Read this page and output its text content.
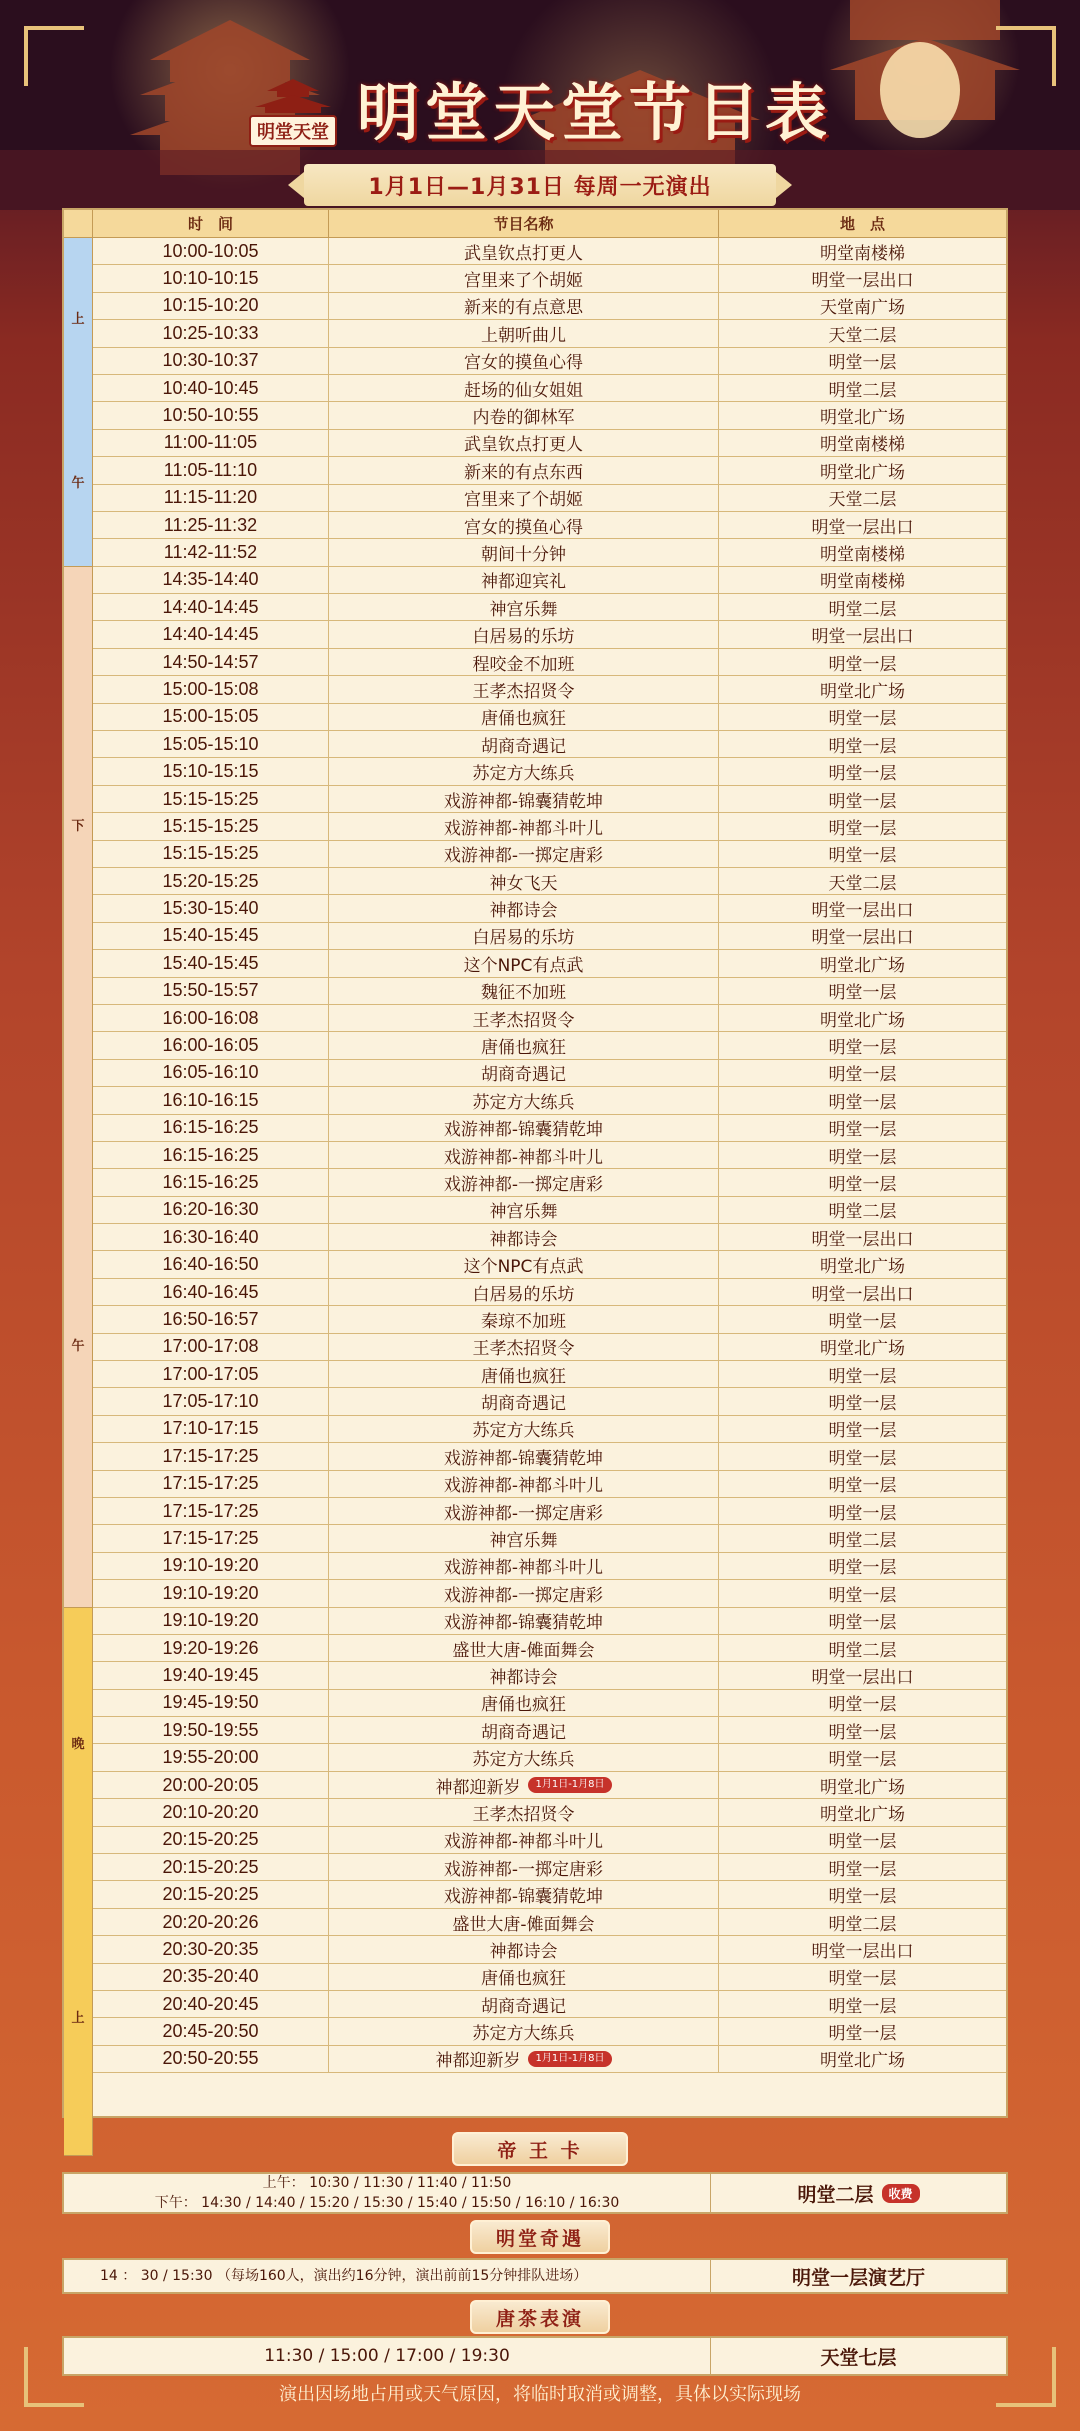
明堂天堂 明堂天堂节目表
1月1日—1月31日 每周一无演出
时　间	节目名称	地　点
上
午
下
午
晚
上
10:00-10:05	武皇钦点打更人	明堂南楼梯
10:10-10:15	宫里来了个胡姬	明堂一层出口
10:15-10:20	新来的有点意思	天堂南广场
10:25-10:33	上朝听曲儿	天堂二层
10:30-10:37	宫女的摸鱼心得	明堂一层
10:40-10:45	赶场的仙女姐姐	明堂二层
10:50-10:55	内卷的御林军	明堂北广场
11:00-11:05	武皇钦点打更人	明堂南楼梯
11:05-11:10	新来的有点东西	明堂北广场
11:15-11:20	宫里来了个胡姬	天堂二层
11:25-11:32	宫女的摸鱼心得	明堂一层出口
11:42-11:52	朝间十分钟	明堂南楼梯
14:35-14:40	神都迎宾礼	明堂南楼梯
14:40-14:45	神宫乐舞	明堂二层
14:40-14:45	白居易的乐坊	明堂一层出口
14:50-14:57	程咬金不加班	明堂一层
15:00-15:08	王孝杰招贤令	明堂北广场
15:00-15:05	唐俑也疯狂	明堂一层
15:05-15:10	胡商奇遇记	明堂一层
15:10-15:15	苏定方大练兵	明堂一层
15:15-15:25	戏游神都-锦囊猜乾坤	明堂一层
15:15-15:25	戏游神都-神都斗叶儿	明堂一层
15:15-15:25	戏游神都-一掷定唐彩	明堂一层
15:20-15:25	神女飞天	天堂二层
15:30-15:40	神都诗会	明堂一层出口
15:40-15:45	白居易的乐坊	明堂一层出口
15:40-15:45	这个NPC有点武	明堂北广场
15:50-15:57	魏征不加班	明堂一层
16:00-16:08	王孝杰招贤令	明堂北广场
16:00-16:05	唐俑也疯狂	明堂一层
16:05-16:10	胡商奇遇记	明堂一层
16:10-16:15	苏定方大练兵	明堂一层
16:15-16:25	戏游神都-锦囊猜乾坤	明堂一层
16:15-16:25	戏游神都-神都斗叶儿	明堂一层
16:15-16:25	戏游神都-一掷定唐彩	明堂一层
16:20-16:30	神宫乐舞	明堂二层
16:30-16:40	神都诗会	明堂一层出口
16:40-16:50	这个NPC有点武	明堂北广场
16:40-16:45	白居易的乐坊	明堂一层出口
16:50-16:57	秦琼不加班	明堂一层
17:00-17:08	王孝杰招贤令	明堂北广场
17:00-17:05	唐俑也疯狂	明堂一层
17:05-17:10	胡商奇遇记	明堂一层
17:10-17:15	苏定方大练兵	明堂一层
17:15-17:25	戏游神都-锦囊猜乾坤	明堂一层
17:15-17:25	戏游神都-神都斗叶儿	明堂一层
17:15-17:25	戏游神都-一掷定唐彩	明堂一层
17:15-17:25	神宫乐舞	明堂二层
19:10-19:20	戏游神都-神都斗叶儿	明堂一层
19:10-19:20	戏游神都-一掷定唐彩	明堂一层
19:10-19:20	戏游神都-锦囊猜乾坤	明堂一层
19:20-19:26	盛世大唐-傩面舞会	明堂二层
19:40-19:45	神都诗会	明堂一层出口
19:45-19:50	唐俑也疯狂	明堂一层
19:50-19:55	胡商奇遇记	明堂一层
19:55-20:00	苏定方大练兵	明堂一层
20:00-20:05	神都迎新岁	1月1日-1月8日	明堂北广场
20:10-20:20	王孝杰招贤令	明堂北广场
20:15-20:25	戏游神都-神都斗叶儿	明堂一层
20:15-20:25	戏游神都-一掷定唐彩	明堂一层
20:15-20:25	戏游神都-锦囊猜乾坤	明堂一层
20:20-20:26	盛世大唐-傩面舞会	明堂二层
20:30-20:35	神都诗会	明堂一层出口
20:35-20:40	唐俑也疯狂	明堂一层
20:40-20:45	胡商奇遇记	明堂一层
20:45-20:50	苏定方大练兵	明堂一层
20:50-20:55	神都迎新岁	1月1日-1月8日	明堂北广场
帝 王 卡
上午： 10:30 / 11:30 / 11:40 / 11:50
下午： 14:30 / 14:40 / 15:20 / 15:30 / 15:40 / 15:50 / 16:10 / 16:30	明堂二层	收费
明堂奇遇
14 ： 30 / 15:30 （每场160人，演出约16分钟，演出前前15分钟排队进场）	明堂一层演艺厅
唐茶表演
11:30 / 15:00 / 17:00 / 19:30	天堂七层
演出因场地占用或天气原因，将临时取消或调整，具体以实际现场
